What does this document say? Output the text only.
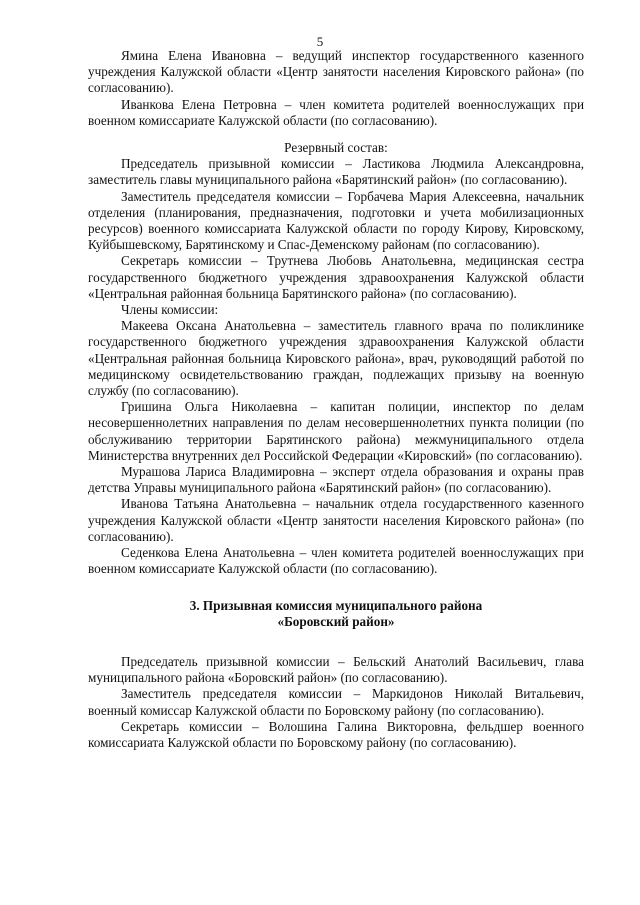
5

Ямина Елена Ивановна – ведущий инспектор государственного казенного учреждения Калужской области «Центр занятости населения Кировского района» (по согласованию).

Иванкова Елена Петровна – член комитета родителей военнослужащих при военном комиссариате Калужской области (по согласованию).

Резервный состав:

Председатель призывной комиссии – Ластикова Людмила Александровна, заместитель главы муниципального района «Барятинский район» (по согласованию).

Заместитель председателя комиссии – Горбачева Мария Алексеевна, начальник отделения (планирования, предназначения, подготовки и учета мобилизационных ресурсов) военного комиссариата Калужской области по городу Кирову, Кировскому, Куйбышевскому, Барятинскому и Спас-Деменскому районам (по согласованию).

Секретарь комиссии – Трутнева Любовь Анатольевна, медицинская сестра государственного бюджетного учреждения здравоохранения Калужской области «Центральная районная больница Барятинского района» (по согласованию).

Члены комиссии:

Макеева Оксана Анатольевна – заместитель главного врача по поликлинике государственного бюджетного учреждения здравоохранения Калужской области «Центральная районная больница Кировского района», врач, руководящий работой по медицинскому освидетельствованию граждан, подлежащих призыву на военную службу (по согласованию).

Гришина Ольга Николаевна – капитан полиции, инспектор по делам несовершеннолетних направления по делам несовершеннолетних пункта полиции (по обслуживанию территории Барятинского района) межмуниципального отдела Министерства внутренних дел Российской Федерации «Кировский» (по согласованию).

Мурашова Лариса Владимировна – эксперт отдела образования и охраны прав детства Управы муниципального района «Барятинский район» (по согласованию).

Иванова Татьяна Анатольевна – начальник отдела государственного казенного учреждения Калужской области «Центр занятости населения Кировского района» (по согласованию).

Седенкова Елена Анатольевна – член комитета родителей военнослужащих при военном комиссариате Калужской области (по согласованию).

3. Призывная комиссия муниципального района

«Боровский район»

Председатель призывной комиссии – Бельский Анатолий Васильевич, глава муниципального района «Боровский район» (по согласованию).

Заместитель председателя комиссии – Маркидонов Николай Витальевич, военный комиссар Калужской области по Боровскому району (по согласованию).

Секретарь комиссии – Волошина Галина Викторовна, фельдшер военного комиссариата Калужской области по Боровскому району (по согласованию).
